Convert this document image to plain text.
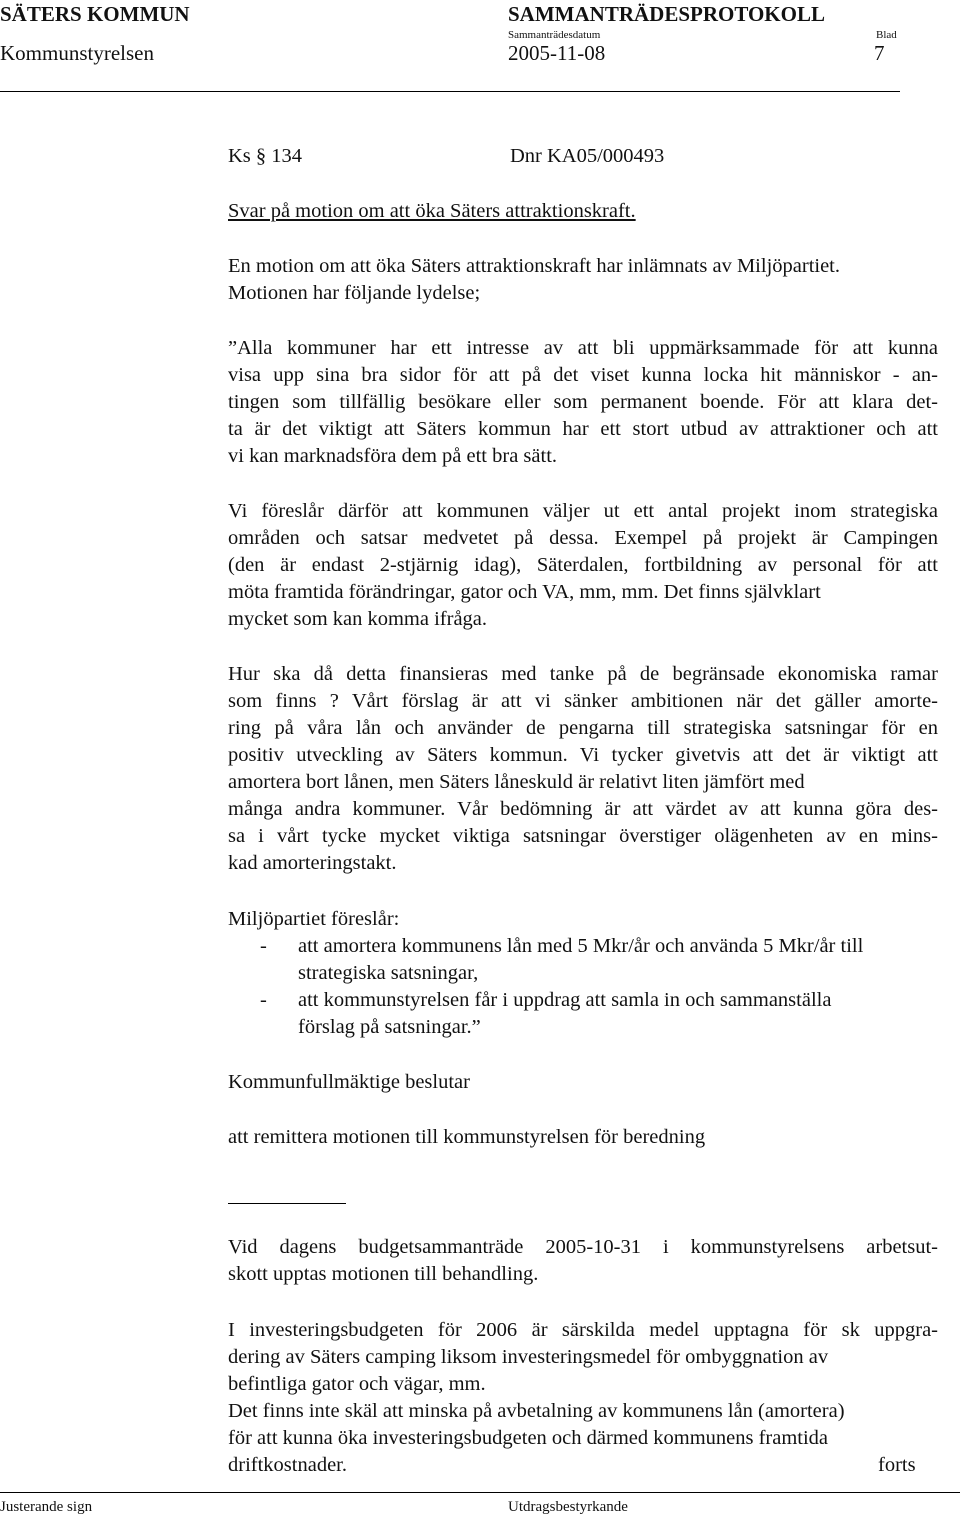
SÄTERS KOMMUN	SAMMANTRÄDESPROTOKOLL
Sammanträdesdatum	Blad
Kommunstyrelsen	2005-11-08	7
Ks § 134	Dnr KA05/000493
Svar på motion om att öka Säters attraktionskraft.
En motion om att öka Säters attraktionskraft har inlämnats av Miljöpartiet.
Motionen har följande lydelse;
”Alla kommuner har ett intresse av att bli uppmärksammade för att kunna
visa upp sina bra sidor för att på det viset kunna locka hit människor - an-
tingen som tillfällig besökare eller som permanent boende. För att klara det-
ta är det viktigt att Säters kommun har ett stort utbud av attraktioner och att
vi kan marknadsföra dem på ett bra sätt.
Vi föreslår därför att kommunen väljer ut ett antal projekt inom strategiska
områden och satsar medvetet på dessa. Exempel på projekt är Campingen
(den är endast 2-stjärnig idag), Säterdalen, fortbildning av personal för att
möta framtida förändringar, gator och VA, mm, mm. Det finns självklart
mycket som kan komma ifråga.
Hur ska då detta finansieras med tanke på de begränsade ekonomiska ramar
som finns ? Vårt förslag är att vi sänker ambitionen när det gäller amorte-
ring på våra lån och använder de pengarna till strategiska satsningar för en
positiv utveckling av Säters kommun. Vi tycker givetvis att det är viktigt att
amortera bort lånen, men Säters låneskuld är relativt liten jämfört med
många andra kommuner. Vår bedömning är att värdet av att kunna göra des-
sa i vårt tycke mycket viktiga satsningar överstiger olägenheten av en mins-
kad amorteringstakt.
Miljöpartiet föreslår:
- att amortera kommunens lån med 5 Mkr/år och använda 5 Mkr/år till
strategiska satsningar,
- att kommunstyrelsen får i uppdrag att samla in och sammanställa
förslag på satsningar.”
Kommunfullmäktige beslutar
att remittera motionen till kommunstyrelsen för beredning
Vid dagens budgetsammanträde 2005-10-31 i kommunstyrelsens arbetsut-
skott upptas motionen till behandling.
I investeringsbudgeten för 2006 är särskilda medel upptagna för sk uppgra-
dering av Säters camping liksom investeringsmedel för ombyggnation av
befintliga gator och vägar, mm.
Det finns inte skäl att minska på avbetalning av kommunens lån (amortera)
för att kunna öka investeringsbudgeten och därmed kommunens framtida
driftkostnader.	forts
Justerande sign	Utdragsbestyrkande
